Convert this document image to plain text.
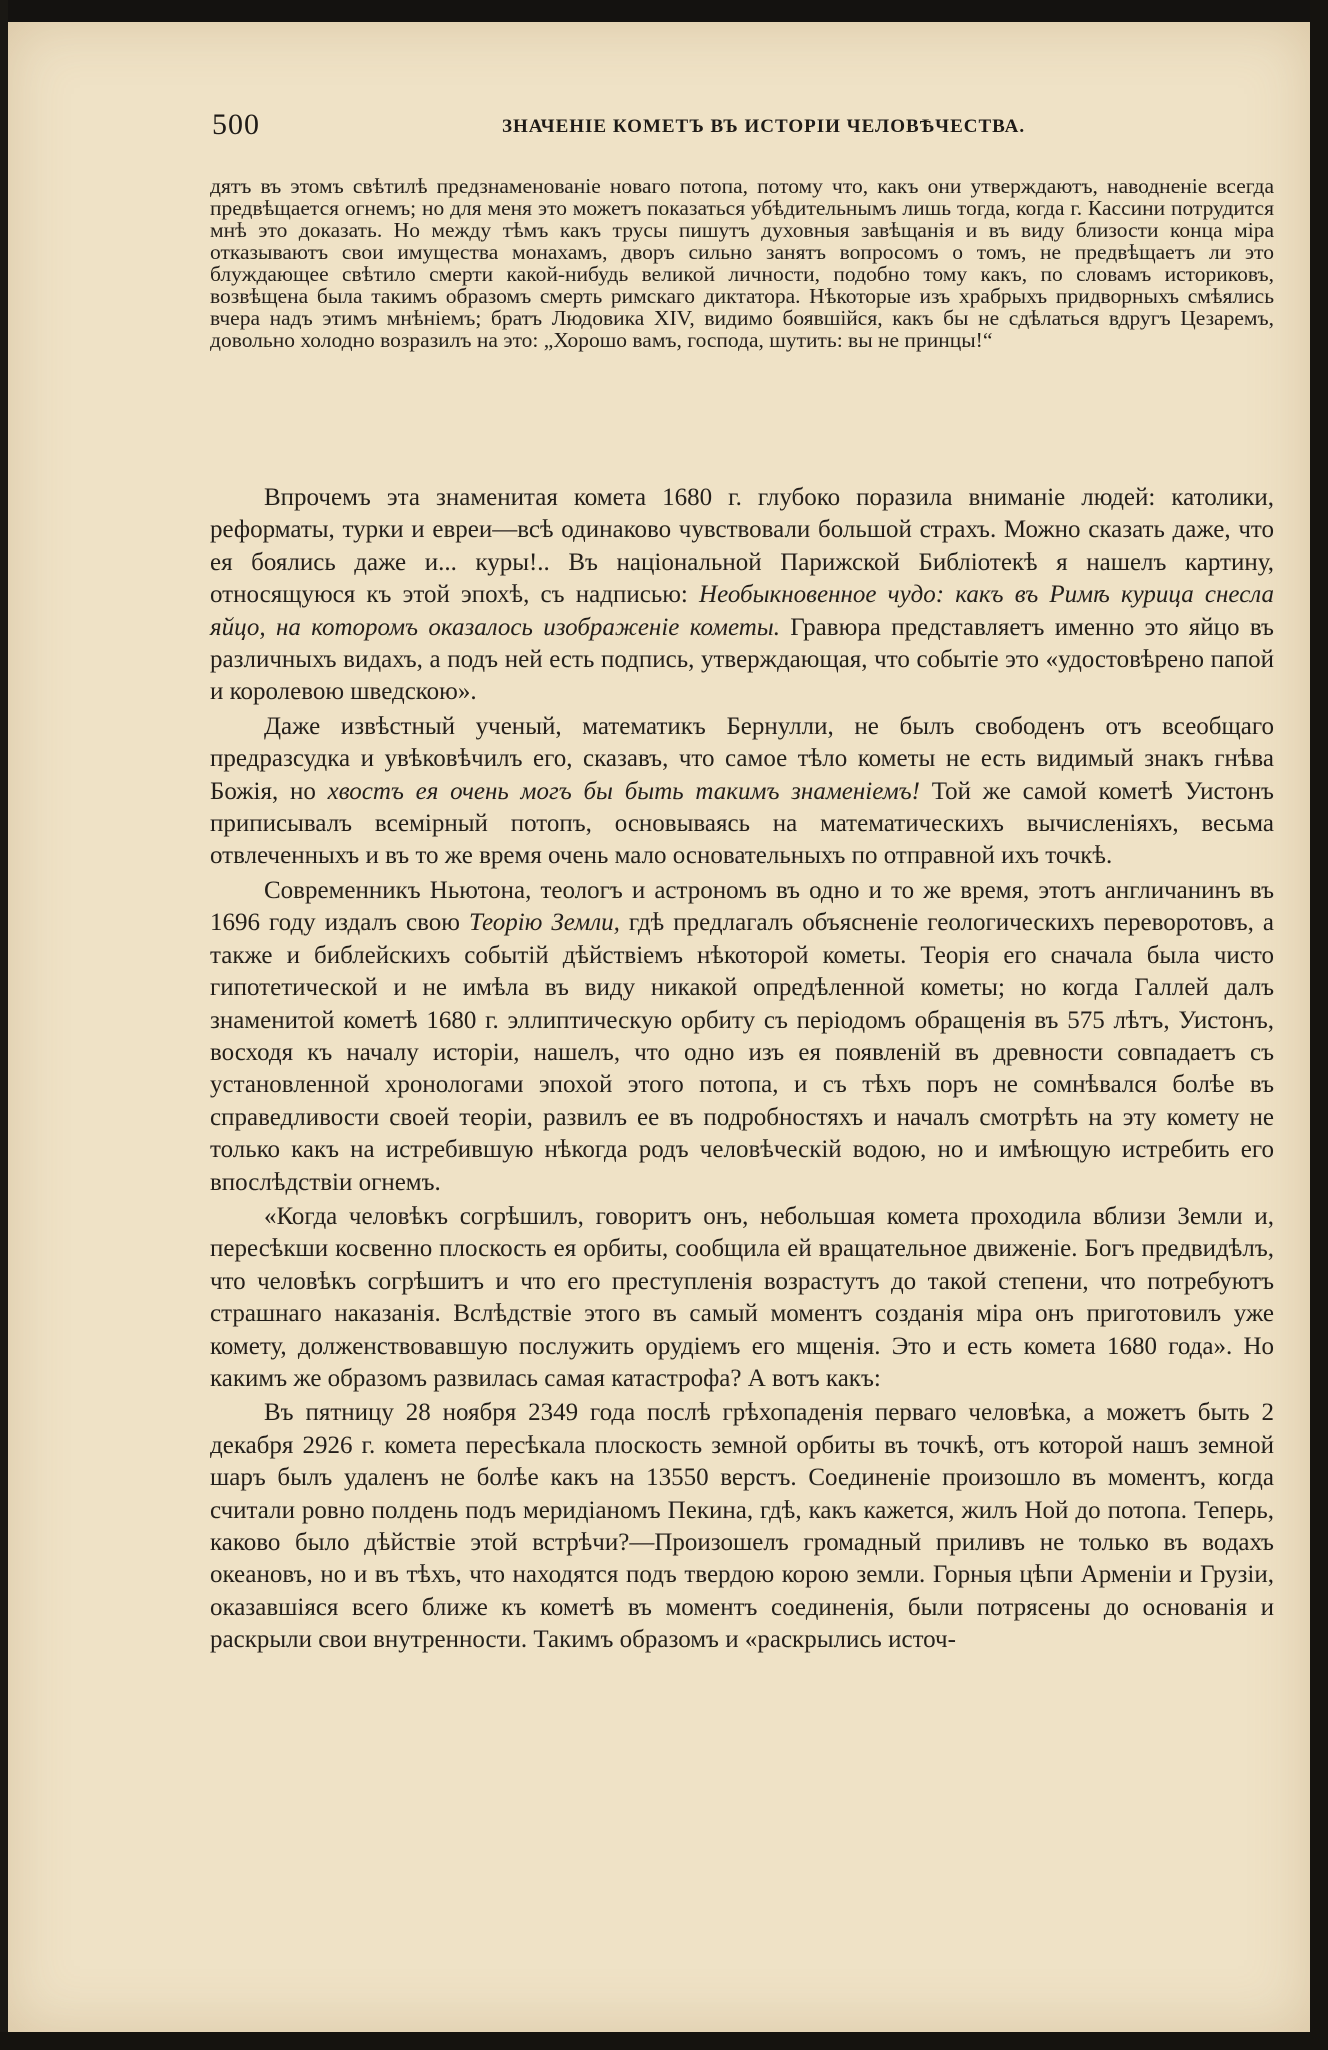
500	ЗНАЧЕНІЕ КОМЕТЪ ВЪ ИСТОРІИ ЧЕЛОВѢЧЕСТВА.

дятъ въ этомъ свѣтилѣ предзнаменованіе новаго потопа, потому что, какъ они утверждаютъ, наводненіе всегда предвѣщается огнемъ; но для меня это можетъ показаться убѣдительнымъ лишь тогда, когда г. Кассини потрудится мнѣ это доказать. Но между тѣмъ какъ трусы пишутъ духовныя завѣщанія и въ виду близости конца міра отказываютъ свои имущества монахамъ, дворъ сильно занятъ вопросомъ о томъ, не предвѣщаетъ ли это блуждающее свѣтило смерти какой-нибудь великой личности, подобно тому какъ, по словамъ историковъ, возвѣщена была такимъ образомъ смерть римскаго диктатора. Нѣкоторые изъ храбрыхъ придворныхъ смѣялись вчера надъ этимъ мнѣніемъ; братъ Людовика XIV, видимо боявшійся, какъ бы не сдѣлаться вдругъ Цезаремъ, довольно холодно возразилъ на это: „Хорошо вамъ, господа, шутить: вы не принцы!“

Впрочемъ эта знаменитая комета 1680 г. глубоко поразила вниманіе людей: католики, реформаты, турки и евреи—всѣ одинаково чувствовали большой страхъ. Можно сказать даже, что ея боялись даже и... куры!.. Въ національной Парижской Библіотекѣ я нашелъ картину, относящуюся къ этой эпохѣ, съ надписью: Необыкновенное чудо: какъ въ Римѣ курица снесла яйцо, на которомъ оказалось изображеніе кометы. Гравюра представляетъ именно это яйцо въ различныхъ видахъ, а подъ ней есть подпись, утверждающая, что событіе это «удостовѣрено папой и королевою шведскою».

Даже извѣстный ученый, математикъ Бернулли, не былъ свободенъ отъ всеобщаго предразсудка и увѣковѣчилъ его, сказавъ, что самое тѣло кометы не есть видимый знакъ гнѣва Божія, но хвостъ ея очень могъ бы быть такимъ знаменіемъ! Той же самой кометѣ Уистонъ приписывалъ всемірный потопъ, основываясь на математическихъ вычисленіяхъ, весьма отвлеченныхъ и въ то же время очень мало основательныхъ по отправной ихъ точкѣ.

Современникъ Ньютона, теологъ и астрономъ въ одно и то же время, этотъ англичанинъ въ 1696 году издалъ свою Теорію Земли, гдѣ предлагалъ объясненіе геологическихъ переворотовъ, а также и библейскихъ событій дѣйствіемъ нѣкоторой кометы. Теорія его сначала была чисто гипотетической и не имѣла въ виду никакой опредѣленной кометы; но когда Галлей далъ знаменитой кометѣ 1680 г. эллиптическую орбиту съ періодомъ обращенія въ 575 лѣтъ, Уистонъ, восходя къ началу исторіи, нашелъ, что одно изъ ея появленій въ древности совпадаетъ съ установленной хронологами эпохой этого потопа, и съ тѣхъ поръ не сомнѣвался болѣе въ справедливости своей теоріи, развилъ ее въ подробностяхъ и началъ смотрѣть на эту комету не только какъ на истребившую нѣкогда родъ человѣческій водою, но и имѣющую истребить его впослѣдствіи огнемъ.

«Когда человѣкъ согрѣшилъ, говоритъ онъ, небольшая комета проходила вблизи Земли и, пересѣкши косвенно плоскость ея орбиты, сообщила ей вращательное движеніе. Богъ предвидѣлъ, что человѣкъ согрѣшитъ и что его преступленія возрастутъ до такой степени, что потребуютъ страшнаго наказанія. Вслѣдствіе этого въ самый моментъ созданія міра онъ приготовилъ уже комету, долженствовавшую послужить орудіемъ его мщенія. Это и есть комета 1680 года». Но какимъ же образомъ развилась самая катастрофа? А вотъ какъ:

Въ пятницу 28 ноября 2349 года послѣ грѣхопаденія перваго человѣка, а можетъ быть 2 декабря 2926 г. комета пересѣкала плоскость земной орбиты въ точкѣ, отъ которой нашъ земной шаръ былъ удаленъ не болѣе какъ на 13550 верстъ. Соединеніе произошло въ моментъ, когда считали ровно полдень подъ меридіаномъ Пекина, гдѣ, какъ кажется, жилъ Ной до потопа. Теперь, каково было дѣйствіе этой встрѣчи?—Произошелъ громадный приливъ не только въ водахъ океановъ, но и въ тѣхъ, что находятся подъ твердою корою земли. Горныя цѣпи Арменіи и Грузіи, оказавшіяся всего ближе къ кометѣ въ моментъ соединенія, были потрясены до основанія и раскрыли свои внутренности. Такимъ образомъ и «раскрылись источ-
